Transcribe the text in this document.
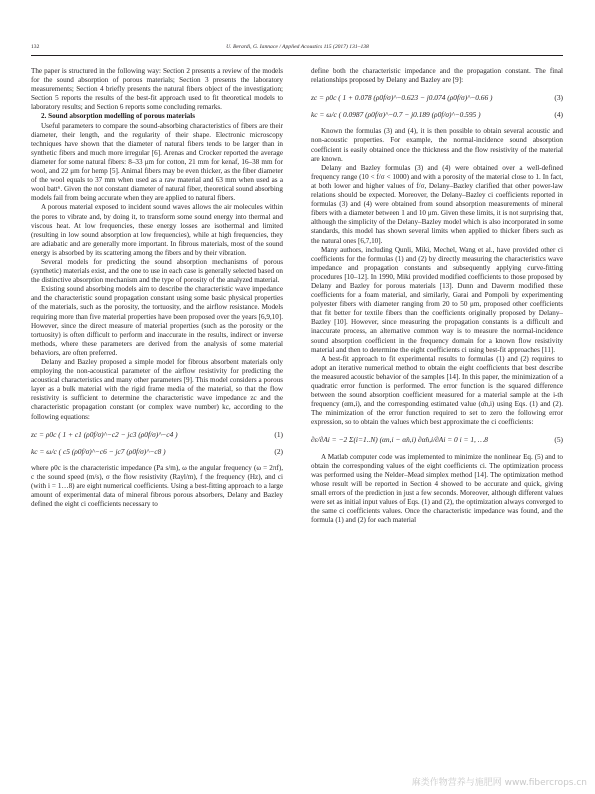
132	U. Berardi, G. Iannace / Applied Acoustics 115 (2017) 131–138

The paper is structured in the following way: Section 2 presents a review of the models for the sound absorption of porous materials; Section 3 presents the laboratory measurements; Section 4 briefly presents the natural fibers object of the investigation; Section 5 reports the results of the best-fit approach used to fit theoretical models to laboratory results; and Section 6 reports some concluding remarks.

2. Sound absorption modelling of porous materials

Useful parameters to compare the sound-absorbing characteristics of fibers are their diameter, their length, and the regularity of their shape. Electronic microscopy techniques have shown that the diameter of natural fibers tends to be larger than in synthetic fibers and much more irregular [6]. Arenas and Crocker reported the average diameter for some natural fibers: 8–33 μm for cotton, 21 mm for kenaf, 16–38 mm for wool, and 22 μm for hemp [5]. Animal fibers may be even thicker, as the fiber diameter of the wool equals to 37 mm when used as a raw material and 63 mm when used as a wool batt⁶. Given the not constant diameter of natural fiber, theoretical sound absorbing models fail from being accurate when they are applied to natural fibers.

A porous material exposed to incident sound waves allows the air molecules within the pores to vibrate and, by doing it, to transform some sound energy into thermal and viscous heat. At low frequencies, these energy losses are isothermal and limited (resulting in low sound absorption at low frequencies), while at high frequencies, they are adiabatic and are generally more important. In fibrous materials, most of the sound energy is absorbed by its scattering among the fibers and by their vibration.

Several models for predicting the sound absorption mechanisms of porous (synthetic) materials exist, and the one to use in each case is generally selected based on the distinctive absorption mechanism and the type of porosity of the analyzed material.

Existing sound absorbing models aim to describe the characteristic wave impedance and the characteristic sound propagation constant using some basic physical properties of the materials, such as the porosity, the tortuosity, and the airflow resistance. Models requiring more than five material properties have been proposed over the years [6,9,10]. However, since the direct measure of material properties (such as the porosity or the tortuosity) is often difficult to perform and inaccurate in the results, indirect or inverse methods, where these parameters are derived from the analysis of some material behaviors, are often preferred.

Delany and Bazley proposed a simple model for fibrous absorbent materials only employing the non-acoustical parameter of the airflow resistivity for predicting the acoustical characteristics and many other parameters [9]. This model considers a porous layer as a bulk material with the rigid frame media of the material, so that the flow resistivity is sufficient to determine the characteristic wave impedance zc and the characteristic propagation constant (or complex wave number) kc, according to the following equations:

zc = ρ0c ( 1 + c1 (ρ0f/σ)^−c2 − jc3 (ρ0f/σ)^−c4 )	(1)
kc = ω/c ( c5 (ρ0f/σ)^−c6 − jc7 (ρ0f/σ)^−c8 )	(2)

where ρ0c is the characteristic impedance (Pa s/m), ω the angular frequency (ω = 2πf), c the sound speed (m/s), σ the flow resistivity (Rayl/m), f the frequency (Hz), and ci (with i = 1…8) are eight numerical coefficients. Using a best-fitting approach to a large amount of experimental data of mineral fibrous porous absorbers, Delany and Bazley defined the eight ci coefficients necessary to

define both the characteristic impedance and the propagation constant. The final relationships proposed by Delany and Bazley are [9]:

zc = ρ0c ( 1 + 0.078 (ρ0f/σ)^−0.623 − j0.074 (ρ0f/σ)^−0.66 )	(3)
kc = ω/c ( 0.0987 (ρ0f/σ)^−0.7 − j0.189 (ρ0f/σ)^−0.595 )	(4)

Known the formulas (3) and (4), it is then possible to obtain several acoustic and non-acoustic properties. For example, the normal-incidence sound absorption coefficient is easily obtained once the thickness and the flow resistivity of the material are known.

Delany and Bazley formulas (3) and (4) were obtained over a well-defined frequency range (10 < f/σ < 1000) and with a porosity of the material close to 1. In fact, at both lower and higher values of f/σ, Delany–Bazley clarified that other power-law relations should be expected. Moreover, the Delany–Bazley ci coefficients reported in formulas (3) and (4) were obtained from sound absorption measurements of mineral fibers with a diameter between 1 and 10 μm. Given these limits, it is not surprising that, although the simplicity of the Delany–Bazley model which is also incorporated in some standards, this model has shown several limits when applied to thicker fibers such as the natural ones [6,7,10].

Many authors, including Qunli, Miki, Mechel, Wang et al., have provided other ci coefficients for the formulas (1) and (2) by directly measuring the characteristics wave impedance and propagation constants and subsequently applying curve-fitting procedures [10–12]. In 1990, Miki provided modified coefficients to those proposed by Delany and Bazley for porous materials [13]. Dunn and Daverm modified these coefficients for a foam material, and similarly, Garai and Pompoli by experimenting polyester fibers with diameter ranging from 20 to 50 μm, proposed other coefficients that fit better for textile fibers than the coefficients originally proposed by Delany–Bazley [10]. However, since measuring the propagation constants is a difficult and inaccurate process, an alternative common way is to measure the normal-incidence sound absorption coefficient in the frequency domain for a known flow resistivity material and then to determine the eight coefficients ci using best-fit approaches [11].

A best-fit approach to fit experimental results to formulas (1) and (2) requires to adopt an iterative numerical method to obtain the eight coefficients that best describe the measured acoustic behavior of the samples [14]. In this paper, the minimization of a quadratic error function is performed. The error function is the squared difference between the sound absorption coefficient measured for a material sample at the i-th frequency (αm,i), and the corresponding estimated value (α̂n,i) using Eqs. (1) and (2). The minimization of the error function required to set to zero the following error expression, so to obtain the values which best approximate the ci coefficients:

∂ε/∂Ai = −2 Σ(i=1..N) (αn,i − α̂n,i) ∂α̂n,i/∂Ai = 0 i = 1, …8	(5)

A Matlab computer code was implemented to minimize the nonlinear Eq. (5) and to obtain the corresponding values of the eight coefficients ci. The optimization process was performed using the Nelder–Mead simplex method [14]. The optimization method whose result will be reported in Section 4 showed to be accurate and quick, giving small errors of the prediction in just a few seconds. Moreover, although different values were set as initial input values of Eqs. (1) and (2), the optimization always converged to the same ci coefficients values. Once the characteristic impedance was found, and the formula (1) and (2) for each material

麻类作物营养与施肥网 www.fibercrops.cn
